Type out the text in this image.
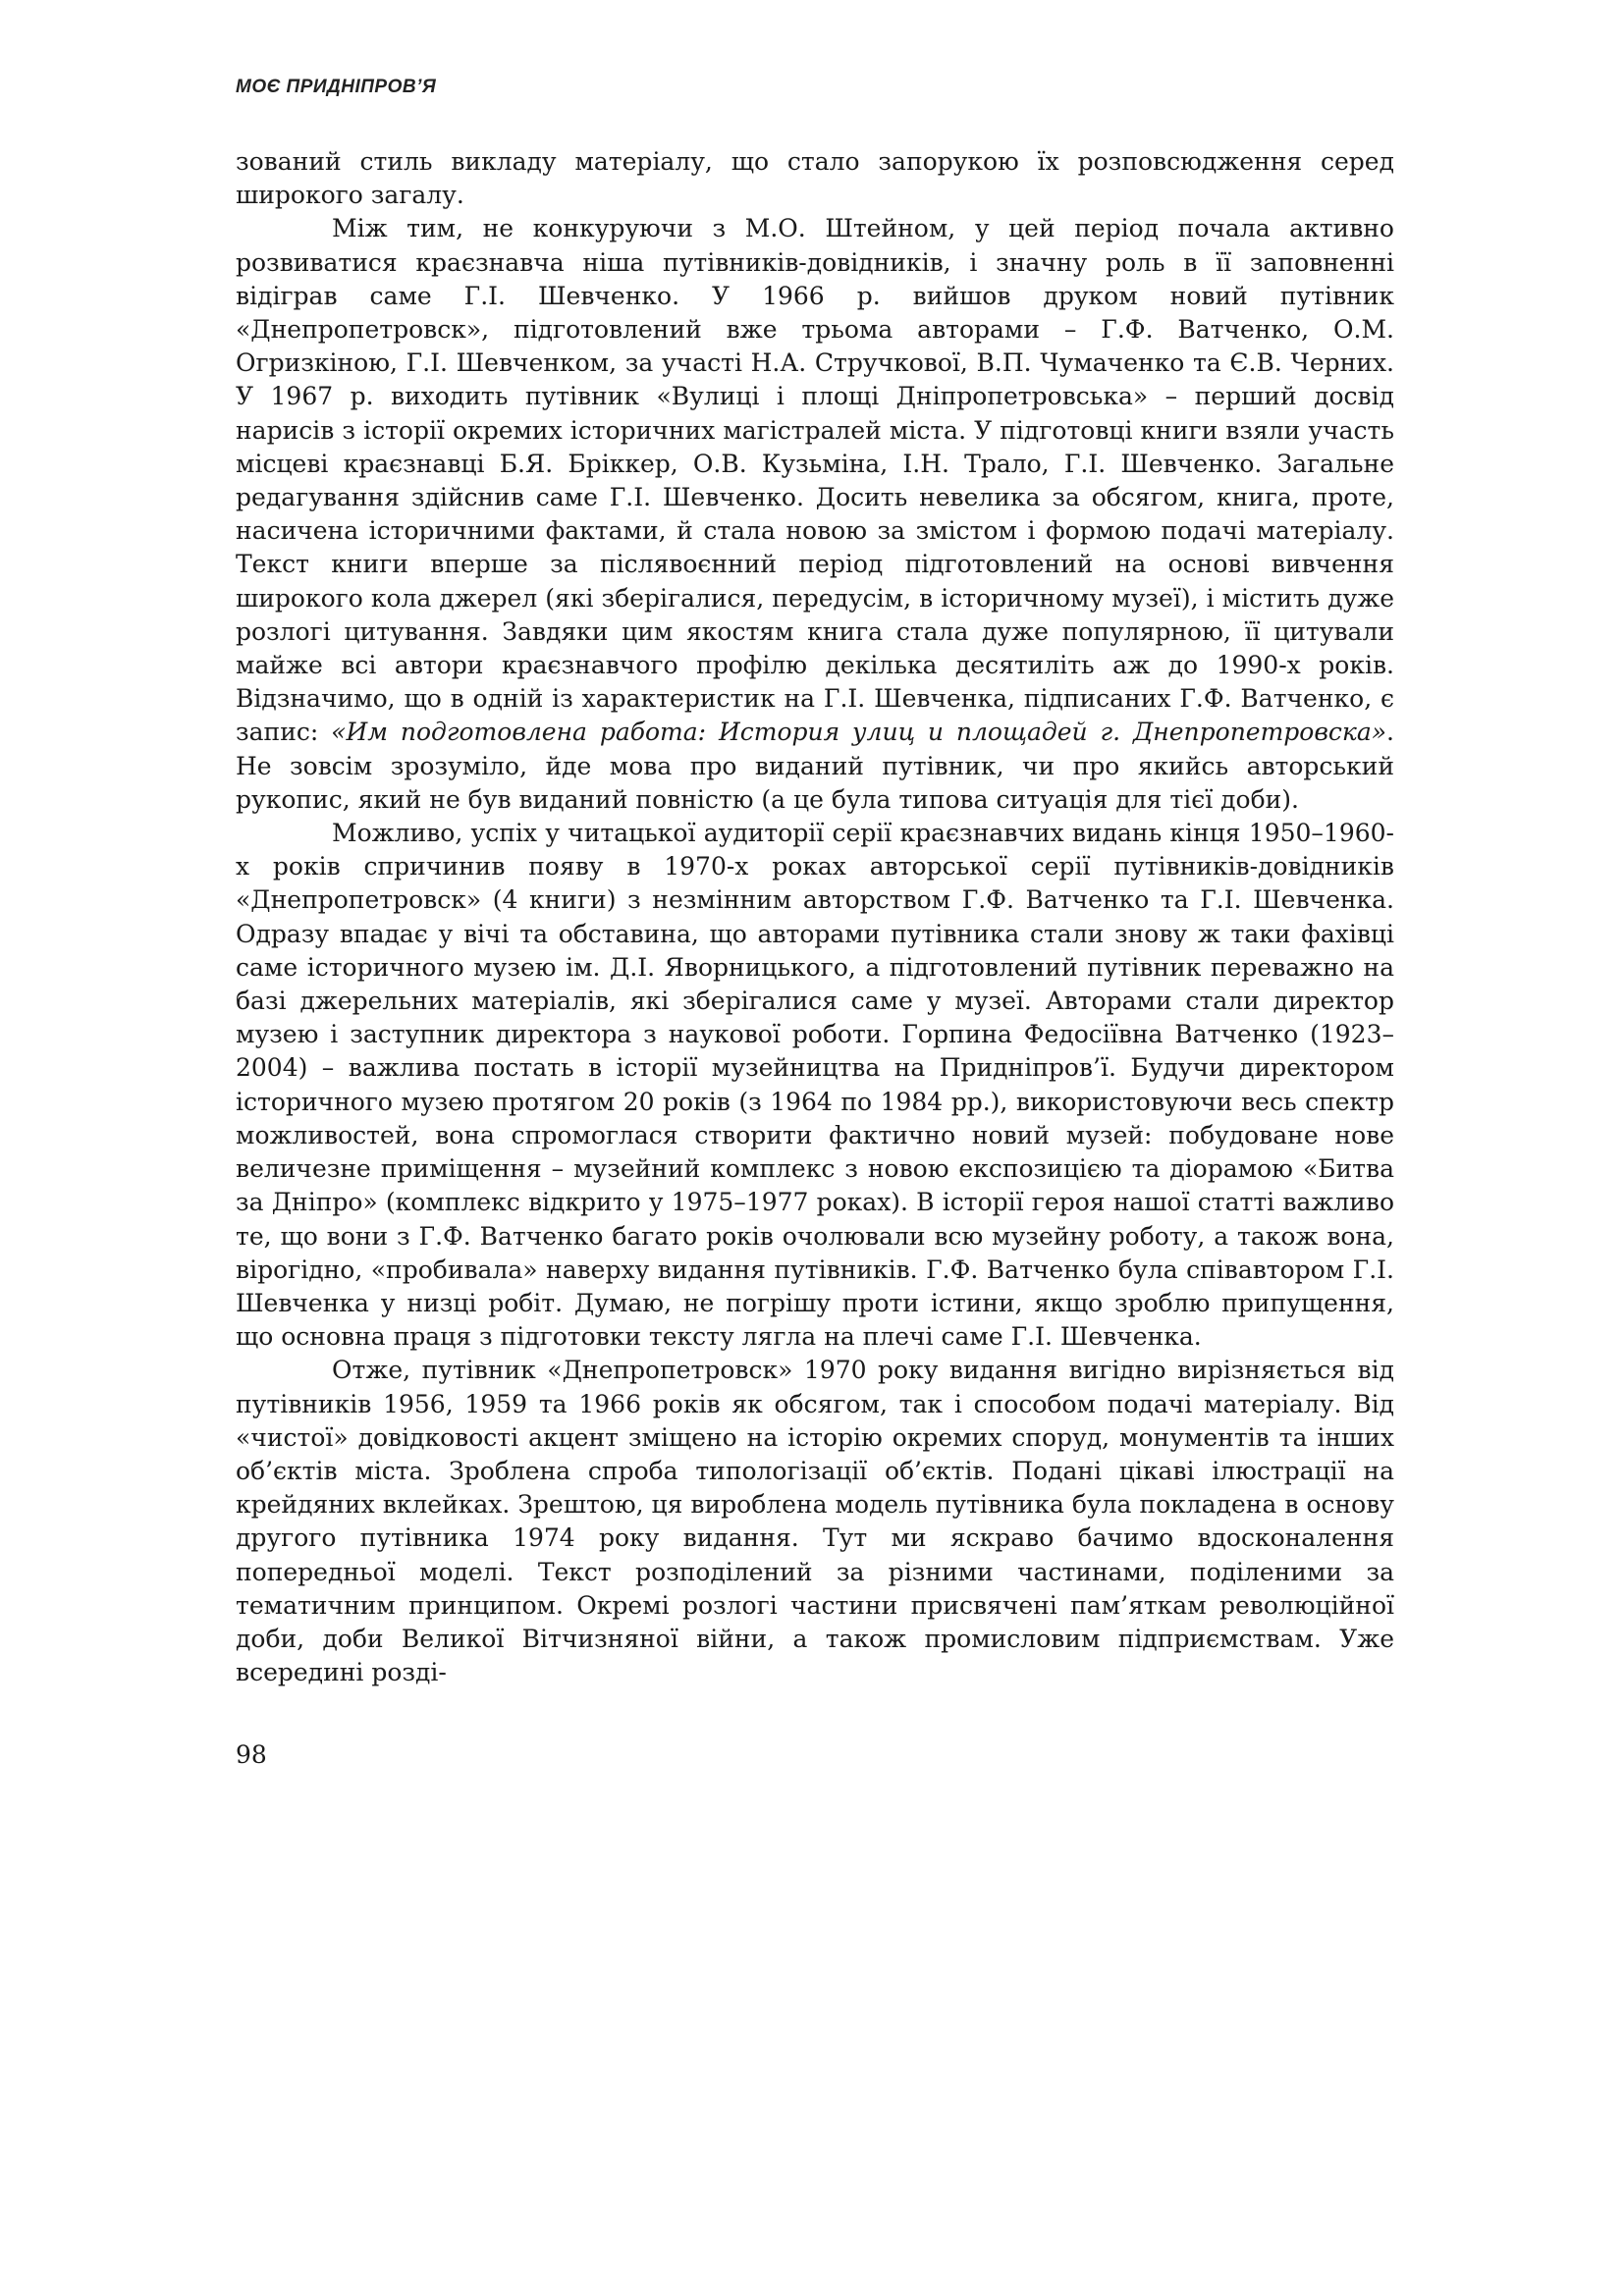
МОЄ ПРИДНІПРОВ’Я

зований стиль викладу матеріалу, що стало запорукою їх розповсюдження серед широкого загалу.

Між тим, не конкуруючи з М.О. Штейном, у цей період почала активно розвиватися краєзнавча ніша путівників-довідників, і значну роль в її заповненні відіграв саме Г.І. Шевченко. У 1966 р. вийшов друком новий путівник «Днепропетровск», підготовлений вже трьома авторами – Г.Ф. Ватченко, О.М. Огризкіною, Г.І. Шевченком, за участі Н.А. Стручкової, В.П. Чумаченко та Є.В. Черних. У 1967 р. виходить путівник «Вулиці і площі Дніпропетровська» – перший досвід нарисів з історії окремих історичних магістралей міста. У підготовці книги взяли участь місцеві краєзнавці Б.Я. Бріккер, О.В. Кузьміна, І.Н. Трало, Г.І. Шевченко. Загальне редагування здійснив саме Г.І. Шевченко. Досить невелика за обсягом, книга, проте, насичена історичними фактами, й стала новою за змістом і формою подачі матеріалу. Текст книги вперше за післявоєнний період підготовлений на основі вивчення широкого кола джерел (які зберігалися, передусім, в історичному музеї), і містить дуже розлогі цитування. Завдяки цим якостям книга стала дуже популярною, її цитували майже всі автори краєзнавчого профілю декілька десятиліть аж до 1990-х років. Відзначимо, що в одній із характеристик на Г.І. Шевченка, підписаних Г.Ф. Ватченко, є запис: «Им подготовлена работа: История улиц и площадей г. Днепропетровска». Не зовсім зрозуміло, йде мова про виданий путівник, чи про якийсь авторський рукопис, який не був виданий повністю (а це була типова ситуація для тієї доби).

Можливо, успіх у читацької аудиторії серії краєзнавчих видань кінця 1950–1960-х років спричинив появу в 1970-х роках авторської серії путівників-довідників «Днепропетровск» (4 книги) з незмінним авторством Г.Ф. Ватченко та Г.І. Шевченка. Одразу впадає у вічі та обставина, що авторами путівника стали знову ж таки фахівці саме історичного музею ім. Д.І. Яворницького, а підготовлений путівник переважно на базі джерельних матеріалів, які зберігалися саме у музеї. Авторами стали директор музею і заступник директора з наукової роботи. Горпина Федосіївна Ватченко (1923–2004) – важлива постать в історії музейництва на Придніпров’ї. Будучи директором історичного музею протягом 20 років (з 1964 по 1984 рр.), використовуючи весь спектр можливостей, вона спромоглася створити фактично новий музей: побудоване нове величезне приміщення – музейний комплекс з новою експозицією та діорамою «Битва за Дніпро» (комплекс відкрито у 1975–1977 роках). В історії героя нашої статті важливо те, що вони з Г.Ф. Ватченко багато років очолювали всю музейну роботу, а також вона, вірогідно, «пробивала» наверху видання путівників. Г.Ф. Ватченко була співавтором Г.І. Шевченка у низці робіт. Думаю, не погрішу проти істини, якщо зроблю припущення, що основна праця з підготовки тексту лягла на плечі саме Г.І. Шевченка.

Отже, путівник «Днепропетровск» 1970 року видання вигідно вирізняється від путівників 1956, 1959 та 1966 років як обсягом, так і способом подачі матеріалу. Від «чистої» довідковості акцент зміщено на історію окремих споруд, монументів та інших об’єктів міста. Зроблена спроба типологізації об’єктів. Подані цікаві ілюстрації на крейдяних вклейках. Зрештою, ця вироблена модель путівника була покладена в основу другого путівника 1974 року видання. Тут ми яскраво бачимо вдосконалення попередньої моделі. Текст розподілений за різними частинами, поділеними за тематичним принципом. Окремі розлогі частини присвячені пам’яткам революційної доби, доби Великої Вітчизняної війни, а також промисловим підприємствам. Уже всередині розді-

98
